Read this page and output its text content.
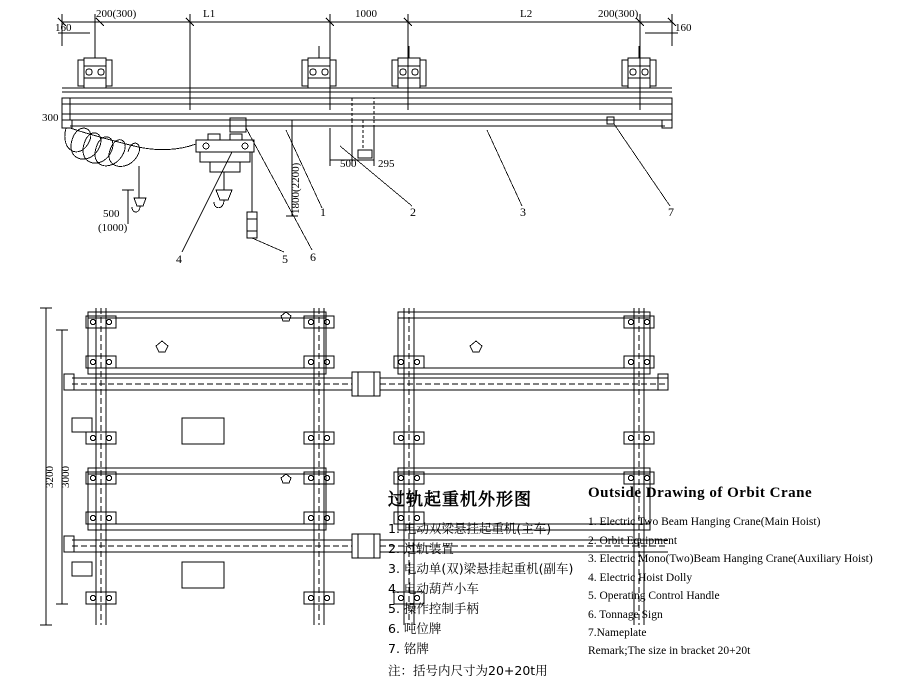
200(300)	L1	1000	L2	200(300)
160	160
300
500 295
1800(2200)
500
(1000)
1	2	3
4	5 6
7
3200 3000
过轨起重机外形图
1. 电动双梁悬挂起重机(主车)
2. 过轨装置
3. 电动单(双)梁悬挂起重机(副车)
4. 电动葫芦小车
5. 操作控制手柄
6. 吨位牌
7. 铭牌
注：括号内尺寸为20+20t用
Outside Drawing of Orbit Crane
1. Electric Two Beam Hanging Crane(Main Hoist)
2. Orbit Equipment
3. Electric Mono(Two)Beam Hanging Crane(Auxiliary Hoist)
4. Electric Hoist Dolly
5. Operating Control Handle
6. Tonnage Sign
7.Nameplate
Remark;The size in bracket 20+20t
